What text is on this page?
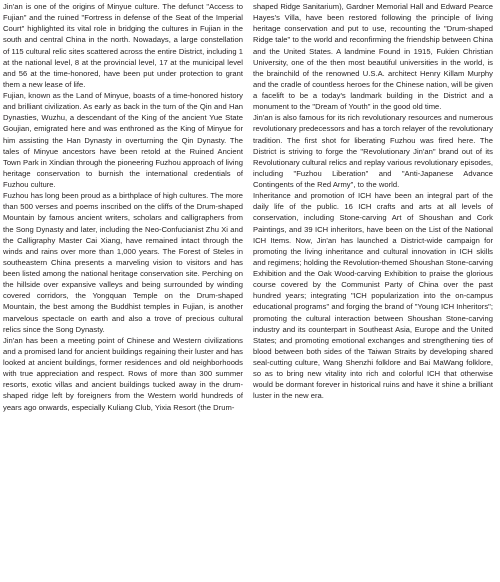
Jin'an is one of the origins of Minyue culture. The defunct "Access to Fujian" and the ruined "Fortress in defense of the Seat of the Imperial Court" highlighted its vital role in bridging the cultures in Fujian in the south and central China in the north. Nowadays, a large constellation of 115 cultural relic sites scattered across the entire District, including 1 at the national level, 8 at the provincial level, 17 at the municipal level and 56 at the time-honored, have been put under protection to grant them a new lease of life.

Fujian, known as the Land of Minyue, boasts of a time-honored history and brilliant civilization. As early as back in the turn of the Qin and Han Dynasties, Wuzhu, a descendant of the King of the ancient Yue State Goujian, emigrated here and was enthroned as the King of Minyue for him assisting the Han Dynasty in overturning the Qin Dynasty. The tales of Minyue ancestors have been retold at the Ruined Ancient Town Park in Xindian through the pioneering Fuzhou approach of living heritage conservation to burnish the international credentials of Fuzhou culture.

Fuzhou has long been proud as a birthplace of high cultures. The more than 500 verses and poems inscribed on the cliffs of the Drum-shaped Mountain by famous ancient writers, scholars and calligraphers from the Song Dynasty and later, including the Neo-Confucianist Zhu Xi and the Calligraphy Master Cai Xiang, have remained intact through the winds and rains over more than 1,000 years. The Forest of Steles in southeastern China presents a marveling vision to visitors and has been listed among the national heritage conservation site. Perching on the hillside over expansive valleys and being surrounded by winding covered corridors, the Yongquan Temple on the Drum-shaped Mountain, the best among the Buddhist temples in Fujian, is another marvelous spectacle on earth and also a trove of precious cultural relics since the Song Dynasty.

Jin'an has been a meeting point of Chinese and Western civilizations and a promised land for ancient buildings regaining their luster and has looked at ancient buildings, former residences and old neighborhoods with true appreciation and respect. Rows of more than 300 summer resorts, exotic villas and ancient buildings tucked away in the drum-shaped ridge left by foreigners from the Western world hundreds of years ago onwards, especially Kuliang Club, Yixia Resort (the Drum-

shaped Ridge Sanitarium), Gardner Memorial Hall and Edward Pearce Hayes's Villa, have been restored following the principle of living heritage conservation and put to use, recounting the "Drum-shaped Ridge tale" to the world and reconfirming the friendship between China and the United States. A landmine Found in 1915, Fukien Christian University, one of the then most beautiful universities in the world, is the brainchild of the renowned U.S.A. architect Henry Killam Murphy and the cradle of countless heroes for the Chinese nation, will be given a facelift to be a today's landmark building in the District and a monument to the "Dream of Youth" in the good old time.

Jin'an is also famous for its rich revolutionary resources and numerous revolutionary predecessors and has a torch relayer of the revolutionary tradition. The first shot for liberating Fuzhou was fired here. The District is striving to forge the "Revolutionary Jin'an" brand out of its Revolutionary cultural relics and replay various revolutionary episodes, including "Fuzhou Liberation" and "Anti-Japanese Advance Contingents of the Red Army", to the world.

Inheritance and promotion of ICH have been an integral part of the daily life of the public. 16 ICH crafts and arts at all levels of conservation, including Stone-carving Art of Shoushan and Cork Paintings, and 39 ICH inheritors, have been on the List of the National ICH Items. Now, Jin'an has launched a District-wide campaign for promoting the living inheritance and cultural innovation in ICH skills and regimens; holding the Revolution-themed Shoushan Stone-carving Exhibition and the Oak Wood-carving Exhibition to praise the glorious course covered by the Communist Party of China over the past hundred years; integrating "ICH popularization into the on-campus educational programs" and forging the brand of "Young ICH Inheritors"; promoting the cultural interaction between Shoushan Stone-carving industry and its counterpart in Southeast Asia, Europe and the United States; and promoting emotional exchanges and strengthening ties of blood between both sides of the Taiwan Straits by developing shared seal-cutting culture, Wang Shenzhi folklore and Bai MaWang folklore, so as to bring new vitality into rich and colorful ICH that otherwise would be dormant forever in historical ruins and have it shine a brilliant luster in the new era.
